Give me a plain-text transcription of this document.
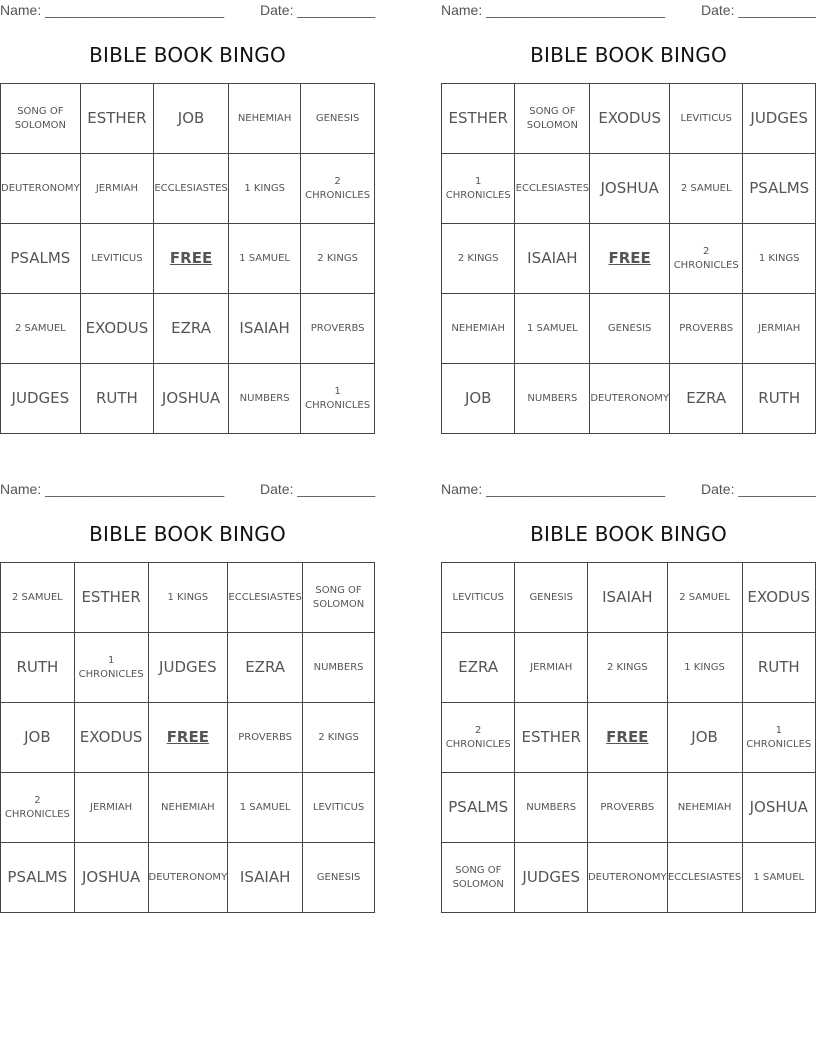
Name: _______________________	Date: __________
BIBLE BOOK BINGO
SONG OF SOLOMON	ESTHER	JOB	NEHEMIAH	GENESIS
DEUTERONOMY	JERMIAH	ECCLESIASTES	1 KINGS	2 CHRONICLES
PSALMS	LEVITICUS	FREE	1 SAMUEL	2 KINGS
2 SAMUEL	EXODUS	EZRA	ISAIAH	PROVERBS
JUDGES	RUTH	JOSHUA	NUMBERS	1 CHRONICLES
Name: _______________________	Date: __________
BIBLE BOOK BINGO
ESTHER	SONG OF SOLOMON	EXODUS	LEVITICUS	JUDGES
1 CHRONICLES	ECCLESIASTES	JOSHUA	2 SAMUEL	PSALMS
2 KINGS	ISAIAH	FREE	2 CHRONICLES	1 KINGS
NEHEMIAH	1 SAMUEL	GENESIS	PROVERBS	JERMIAH
JOB	NUMBERS	DEUTERONOMY	EZRA	RUTH
Name: _______________________	Date: __________
BIBLE BOOK BINGO
2 SAMUEL	ESTHER	1 KINGS	ECCLESIASTES	SONG OF SOLOMON
RUTH	1 CHRONICLES	JUDGES	EZRA	NUMBERS
JOB	EXODUS	FREE	PROVERBS	2 KINGS
2 CHRONICLES	JERMIAH	NEHEMIAH	1 SAMUEL	LEVITICUS
PSALMS	JOSHUA	DEUTERONOMY	ISAIAH	GENESIS
Name: _______________________	Date: __________
BIBLE BOOK BINGO
LEVITICUS	GENESIS	ISAIAH	2 SAMUEL	EXODUS
EZRA	JERMIAH	2 KINGS	1 KINGS	RUTH
2 CHRONICLES	ESTHER	FREE	JOB	1 CHRONICLES
PSALMS	NUMBERS	PROVERBS	NEHEMIAH	JOSHUA
SONG OF SOLOMON	JUDGES	DEUTERONOMY	ECCLESIASTES	1 SAMUEL
